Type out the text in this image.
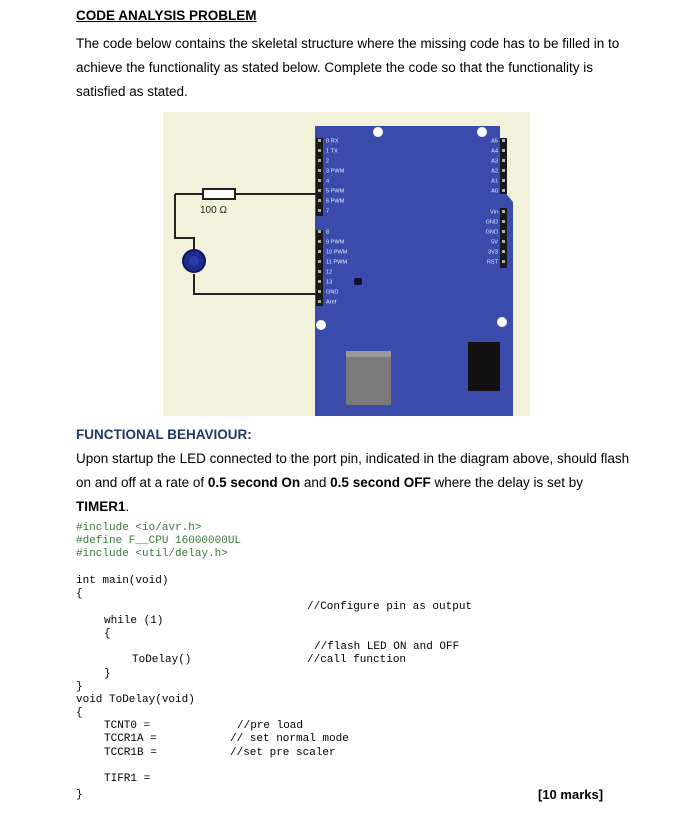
CODE ANALYSIS PROBLEM
The code below contains the skeletal structure where the missing code has to be filled in to achieve the functionality as stated below. Complete the code so that the functionality is satisfied as stated.
0 RX
1 TX
2
3 PWM
4
5 PWM
6 PWM
7
8
9 PWM
10 PWM
11 PWM
12
13
GND
Aref
A5
A4
A3
A2
A1
A0
Vin
GND
GND
5V
3V3
RST
100 Ω
FUNCTIONAL BEHAVIOUR:
Upon startup the LED connected to the port pin, indicated in the diagram above, should flash on and off at a rate of 0.5 second On and 0.5 second OFF where the delay is set by TIMER1.
#include <io/avr.h>
#define F__CPU 16000000UL
#include <util/delay.h>
int main(void)
{
//Configure pin as output
while (1)
{
//flash LED ON and OFF
ToDelay()	//call function
}
}
void ToDelay(void)
{
TCNT0 =	//pre load
TCCR1A =	// set normal mode
TCCR1B =	//set pre scaler
TIFR1 =
}	[10 marks]
